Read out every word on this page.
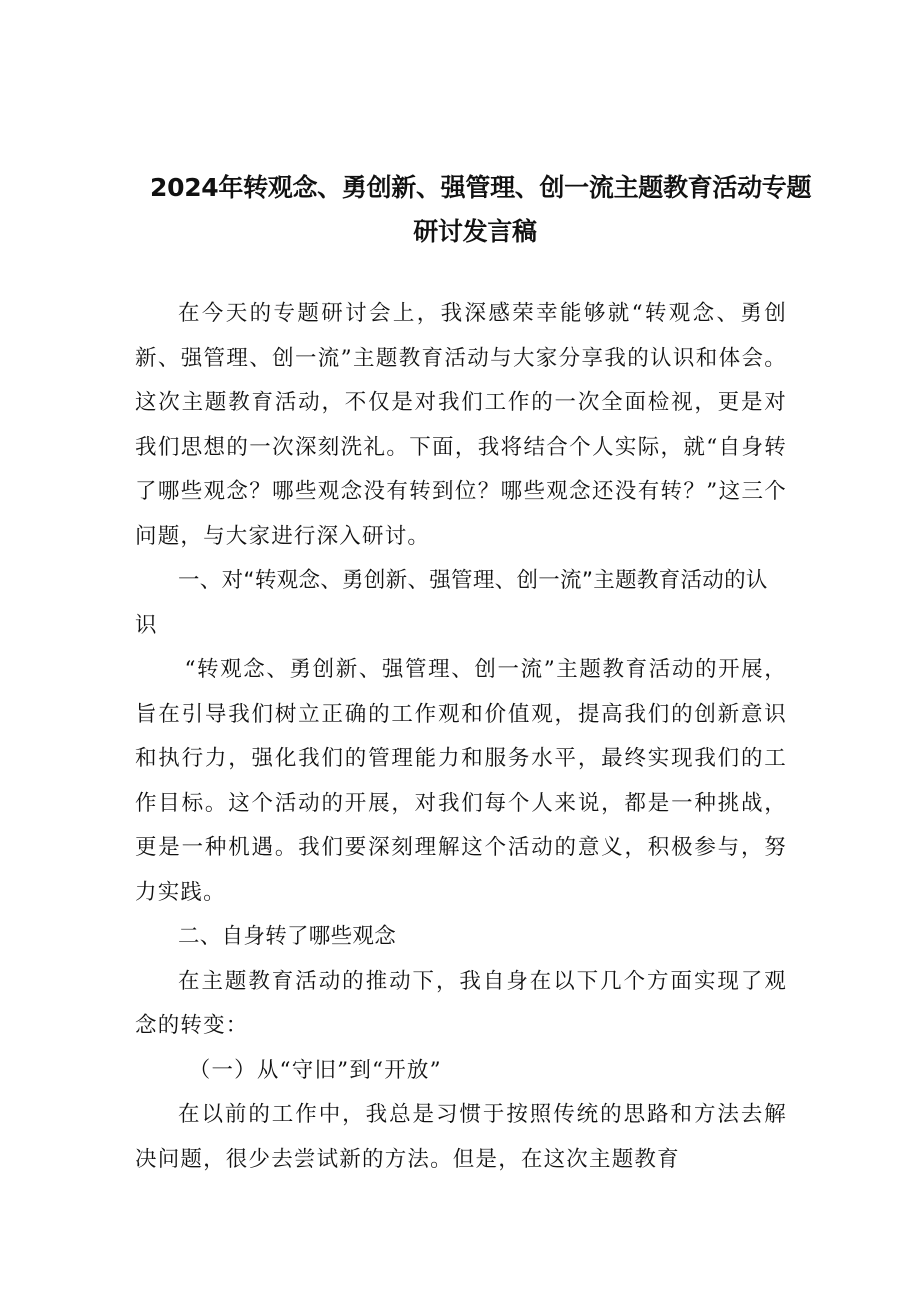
2024年转观念、勇创新、强管理、创一流主题教育活动专题
研讨发言稿

在今天的专题研讨会上，我深感荣幸能够就“转观念、勇创新、强管理、创一流”主题教育活动与大家分享我的认识和体会。这次主题教育活动，不仅是对我们工作的一次全面检视，更是对我们思想的一次深刻洗礼。下面，我将结合个人实际，就“自身转了哪些观念？哪些观念没有转到位？哪些观念还没有转？”这三个问题，与大家进行深入研讨。

一、对“转观念、勇创新、强管理、创一流”主题教育活动的认识

“转观念、勇创新、强管理、创一流”主题教育活动的开展，旨在引导我们树立正确的工作观和价值观，提高我们的创新意识和执行力，强化我们的管理能力和服务水平，最终实现我们的工作目标。这个活动的开展，对我们每个人来说，都是一种挑战，更是一种机遇。我们要深刻理解这个活动的意义，积极参与，努力实践。

二、自身转了哪些观念

在主题教育活动的推动下，我自身在以下几个方面实现了观念的转变：

（一）从“守旧”到“开放”

在以前的工作中，我总是习惯于按照传统的思路和方法去解决问题，很少去尝试新的方法。但是，在这次主题教育
